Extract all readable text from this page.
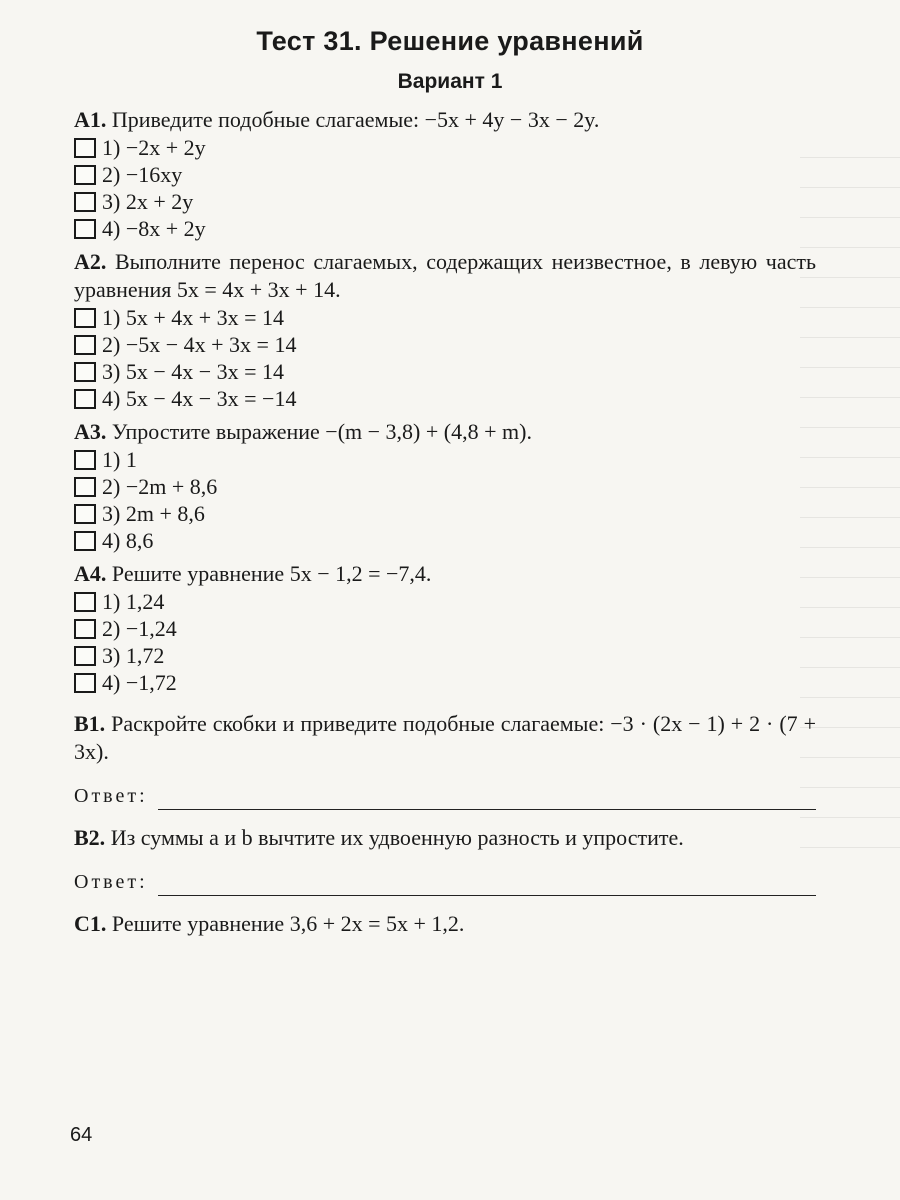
Тест 31. Решение уравнений
Вариант 1
А1. Приведите подобные слагаемые: −5x + 4y − 3x − 2y.
1) −2x + 2y
2) −16xy
3) 2x + 2y
4) −8x + 2y
А2. Выполните перенос слагаемых, содержащих неизвестное, в левую часть уравнения 5x = 4x + 3x + 14.
1) 5x + 4x + 3x = 14
2) −5x − 4x + 3x = 14
3) 5x − 4x − 3x = 14
4) 5x − 4x − 3x = −14
А3. Упростите выражение −(m − 3,8) + (4,8 + m).
1) 1
2) −2m + 8,6
3) 2m + 8,6
4) 8,6
А4. Решите уравнение 5x − 1,2 = −7,4.
1) 1,24
2) −1,24
3) 1,72
4) −1,72
В1. Раскройте скобки и приведите подобные слагаемые: −3 · (2x − 1) + 2 · (7 + 3x).
Ответ:
В2. Из суммы a и b вычтите их удвоенную разность и упростите.
Ответ:
С1. Решите уравнение 3,6 + 2x = 5x + 1,2.
64
